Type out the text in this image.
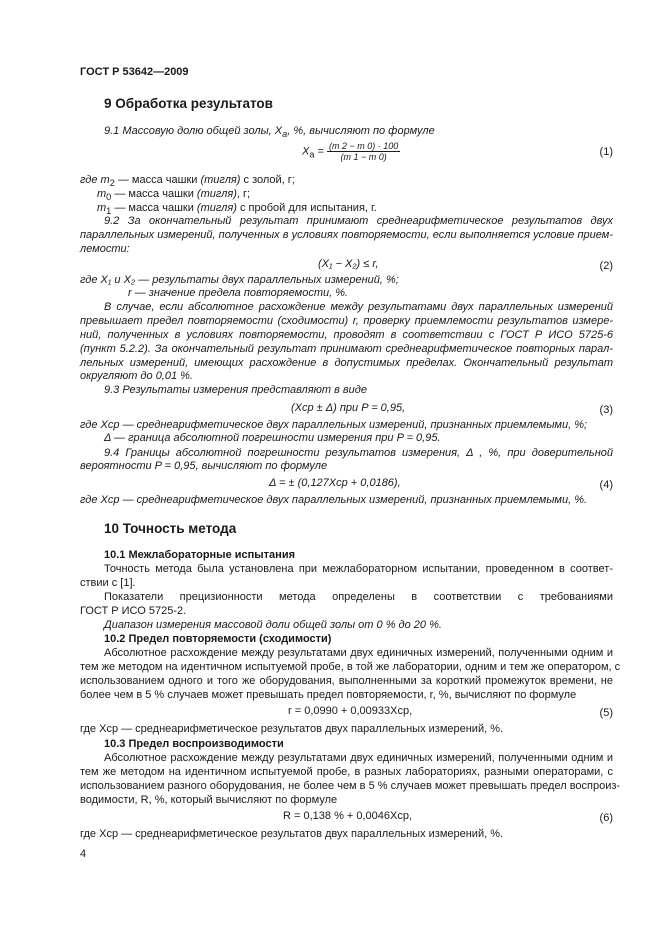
ГОСТ Р 53642—2009
9 Обработка результатов
9.1 Массовую долю общей золы, $X_a$, %, вычисляют по формуле
$X_a = \frac{(m 2 - m 0) \cdot 100}{(m 1 - m 0)}$	(1)
где $m_2$ — масса чашки (тигля) с золой, г;
$m_0$ — масса чашки (тигля), г;
$m_1$ — масса чашки (тигля) с пробой для испытания, г.
9.2 За окончательный результат принимают среднеарифметическое результатов двух
параллельных измерений, полученных в условиях повторяемости, если выполняется условие прием-
лемости:
(X₁ − X₂) ≤ r,	(2)
где X₁ и X₂ — результаты двух параллельных измерений, %;
r — значение предела повторяемости, %.
В случае, если абсолютное расхождение между результатами двух параллельных измерений
превышает предел повторяемости (сходимости) r, проверку приемлемости результатов измере-
ний, полученных в условиях повторяемости, проводят в соответствии с ГОСТ Р ИСО 5725-6
(пункт 5.2.2). За окончательный результат принимают среднеарифметическое повторных парал-
лельных измерений, имеющих расхождение в допустимых пределах. Окончательный результат
округляют до 0,01 %.
9.3 Результаты измерения представляют в виде
(Xср ± Δ) при P = 0,95,	(3)
где Xср — среднеарифметическое двух параллельных измерений, признанных приемлемыми, %;
Δ — граница абсолютной погрешности измерения при P = 0,95.
9.4 Границы абсолютной погрешности результатов измерения, Δ , %, при доверительной
вероятности P = 0,95, вычисляют по формуле
Δ = ± (0,127Xср + 0,0186),	(4)
где Xср — среднеарифметическое двух параллельных измерений, признанных приемлемыми, %.
10 Точность метода
10.1 Межлабораторные испытания
Точность метода была установлена при межлабораторном испытании, проведенном в соответ-
ствии с [1].
Показатели прецизионности метода определены в соответствии с требованиями
ГОСТ Р ИСО 5725-2.
Диапазон измерения массовой доли общей золы от 0 % до 20 %.
10.2 Предел повторяемости (сходимости)
Абсолютное расхождение между результатами двух единичных измерений, полученными одним и
тем же методом на идентичном испытуемой пробе, в той же лаборатории, одним и тем же оператором, с
использованием одного и того же оборудования, выполненными за короткий промежуток времени, не
более чем в 5 % случаев может превышать предел повторяемости, r, %, вычисляют по формуле
r = 0,0990 + 0,00933Xср,	(5)
где Xср — среднеарифметическое результатов двух параллельных измерений, %.
10.3 Предел воспроизводимости
Абсолютное расхождение между результатами двух единичных измерений, полученными одним и
тем же методом на идентичном испытуемой пробе, в разных лабораториях, разными операторами, с
использованием разного оборудования, не более чем в 5 % случаев может превышать предел воспроиз-
водимости, R, %, который вычисляют по формуле
R = 0,138 % + 0,0046Xср,	(6)
где Xср — среднеарифметическое результатов двух параллельных измерений, %.
4
